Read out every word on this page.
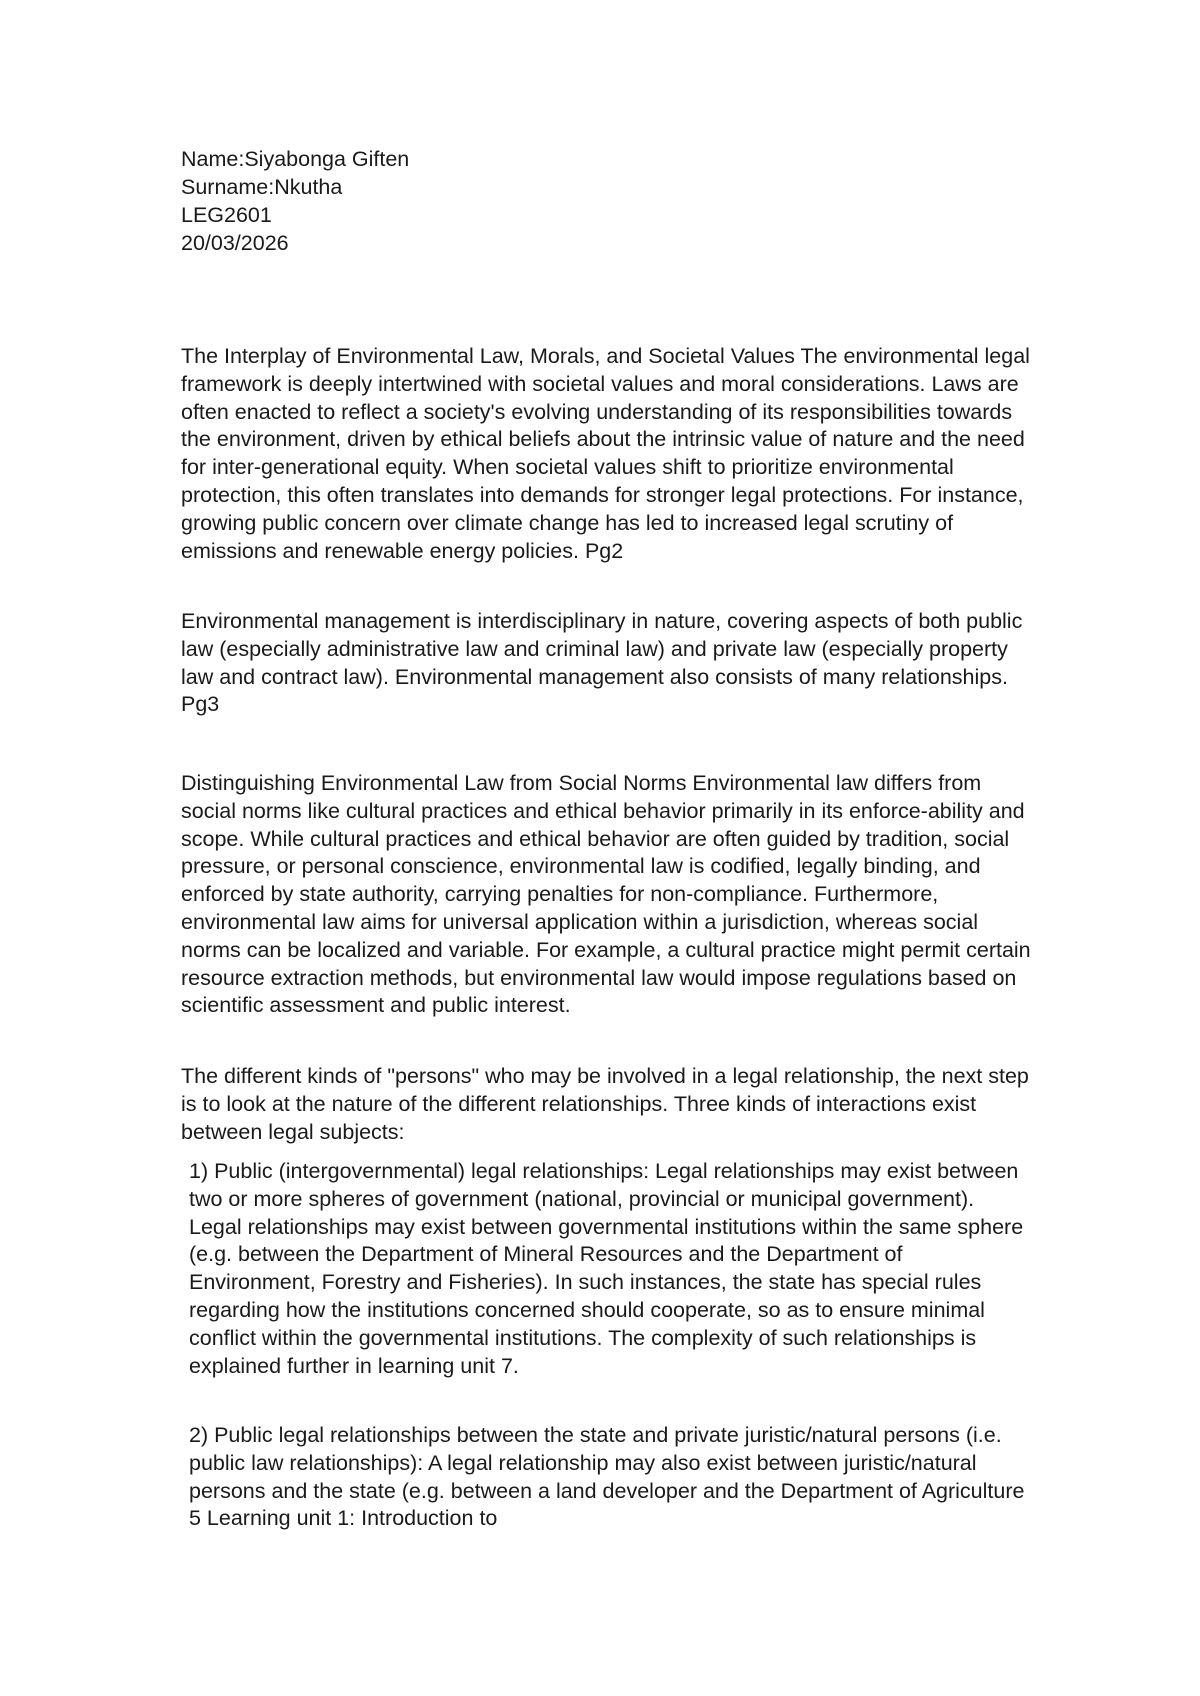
Name:Siyabonga Giften
Surname:Nkutha
LEG2601
20/03/2026

The Interplay of Environmental Law, Morals, and Societal Values The environmental legal framework is deeply intertwined with societal values and moral considerations. Laws are often enacted to reflect a society's evolving understanding of its responsibilities towards the environment, driven by ethical beliefs about the intrinsic value of nature and the need for inter-generational equity. When societal values shift to prioritize environmental protection, this often translates into demands for stronger legal protections. For instance, growing public concern over climate change has led to increased legal scrutiny of emissions and renewable energy policies. Pg2

Environmental management is interdisciplinary in nature, covering aspects of both public law (especially administrative law and criminal law) and private law (especially property law and contract law). Environmental management also consists of many relationships. Pg3

Distinguishing Environmental Law from Social Norms Environmental law differs from social norms like cultural practices and ethical behavior primarily in its enforce-ability and scope. While cultural practices and ethical behavior are often guided by tradition, social pressure, or personal conscience, environmental law is codified, legally binding, and enforced by state authority, carrying penalties for non-compliance. Furthermore, environmental law aims for universal application within a jurisdiction, whereas social norms can be localized and variable. For example, a cultural practice might permit certain resource extraction methods, but environmental law would impose regulations based on scientific assessment and public interest.

The different kinds of "persons" who may be involved in a legal relationship, the next step is to look at the nature of the different relationships. Three kinds of interactions exist between legal subjects:

1) Public (intergovernmental) legal relationships: Legal relationships may exist between two or more spheres of government (national, provincial or municipal government). Legal relationships may exist between governmental institutions within the same sphere (e.g. between the Department of Mineral Resources and the Department of Environment, Forestry and Fisheries). In such instances, the state has special rules regarding how the institutions concerned should cooperate, so as to ensure minimal conflict within the governmental institutions. The complexity of such relationships is explained further in learning unit 7.

2) Public legal relationships between the state and private juristic/natural persons (i.e. public law relationships): A legal relationship may also exist between juristic/natural persons and the state (e.g. between a land developer and the Department of Agriculture 5 Learning unit 1: Introduction to
